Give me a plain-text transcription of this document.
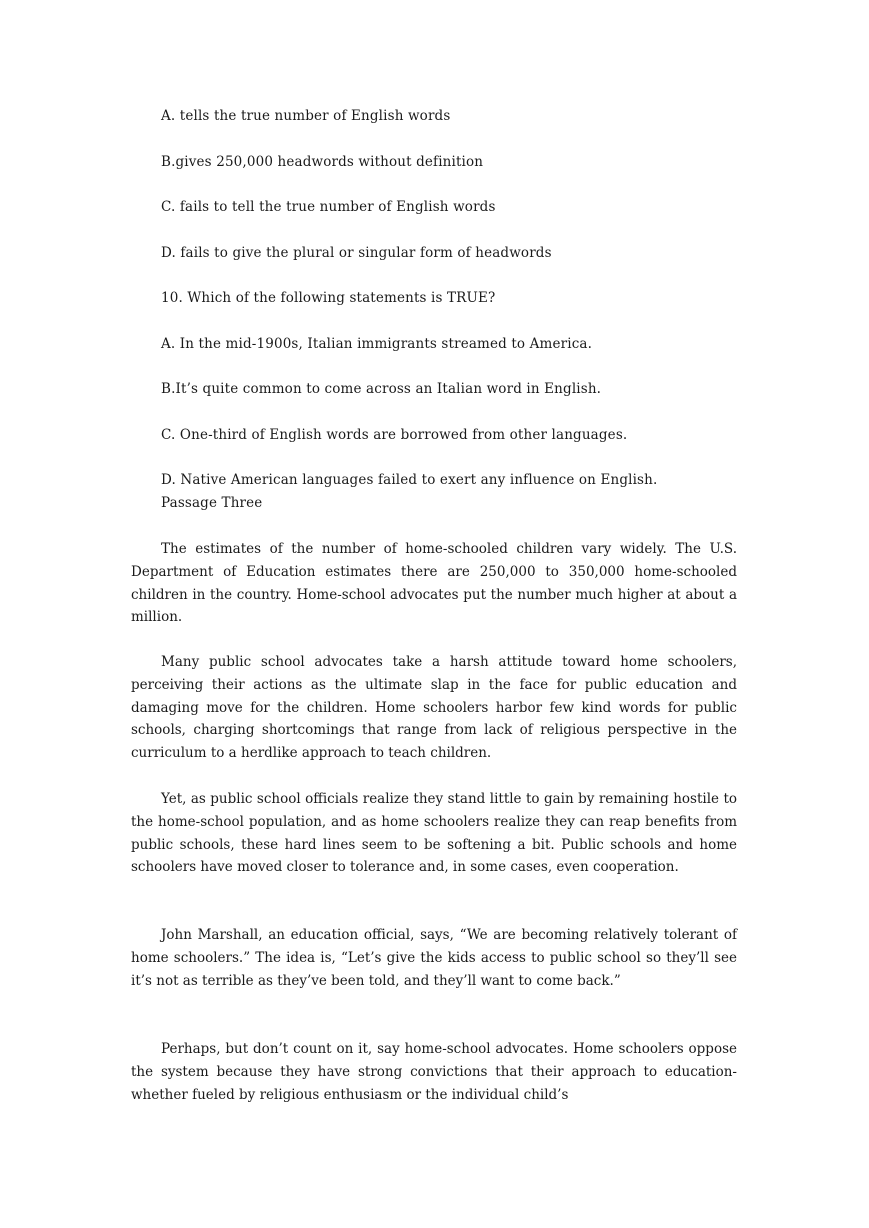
A. tells the true number of English words
B.gives 250,000 headwords without definition
C. fails to tell the true number of English words
D. fails to give the plural or singular form of headwords
10. Which of the following statements is TRUE?
A. In the mid-1900s, Italian immigrants streamed to America.
B.It’s quite common to come across an Italian word in English.
C. One-third of English words are borrowed from other languages.
D. Native American languages failed to exert any influence on English.
Passage Three
The estimates of the number of home-schooled children vary widely. The U.S. Department of Education estimates there are 250,000 to 350,000 home-schooled children in the country. Home-school advocates put the number much higher at about a million.
Many public school advocates take a harsh attitude toward home schoolers, perceiving their actions as the ultimate slap in the face for public education and damaging move for the children. Home schoolers harbor few kind words for public schools, charging shortcomings that range from lack of religious perspective in the curriculum to a herdlike approach to teach children.
Yet, as public school officials realize they stand little to gain by remaining hostile to the home-school population, and as home schoolers realize they can reap benefits from public schools, these hard lines seem to be softening a bit. Public schools and home schoolers have moved closer to tolerance and, in some cases, even cooperation.
John Marshall, an education official, says, “We are becoming relatively tolerant of home schoolers.” The idea is, “Let’s give the kids access to public school so they’ll see it’s not as terrible as they’ve been told, and they’ll want to come back.”
Perhaps, but don’t count on it, say home-school advocates. Home schoolers oppose the system because they have strong convictions that their approach to education-whether fueled by religious enthusiasm or the individual child’s
